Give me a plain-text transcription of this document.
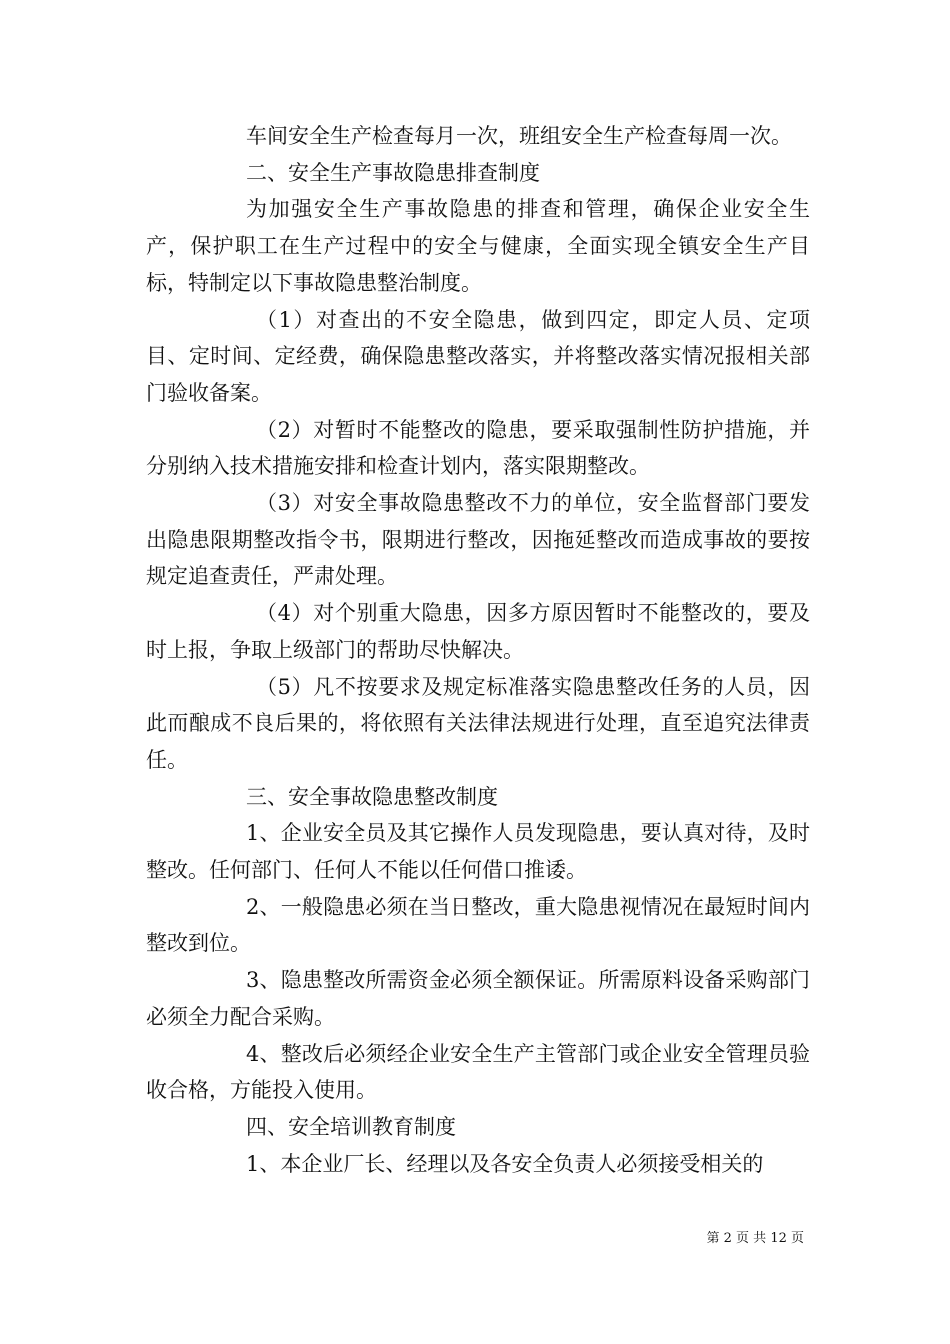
车间安全生产检查每月一次，班组安全生产检查每周一次。

二、安全生产事故隐患排查制度

为加强安全生产事故隐患的排查和管理，确保企业安全生产，保护职工在生产过程中的安全与健康，全面实现全镇安全生产目标，特制定以下事故隐患整治制度。

（1）对查出的不安全隐患，做到四定，即定人员、定项目、定时间、定经费，确保隐患整改落实，并将整改落实情况报相关部门验收备案。

（2）对暂时不能整改的隐患，要采取强制性防护措施，并分别纳入技术措施安排和检查计划内，落实限期整改。

（3）对安全事故隐患整改不力的单位，安全监督部门要发出隐患限期整改指令书，限期进行整改，因拖延整改而造成事故的要按规定追查责任，严肃处理。

（4）对个别重大隐患，因多方原因暂时不能整改的，要及时上报，争取上级部门的帮助尽快解决。

（5）凡不按要求及规定标准落实隐患整改任务的人员，因此而酿成不良后果的，将依照有关法律法规进行处理，直至追究法律责任。

三、安全事故隐患整改制度

1、企业安全员及其它操作人员发现隐患，要认真对待，及时整改。任何部门、任何人不能以任何借口推诿。

2、一般隐患必须在当日整改，重大隐患视情况在最短时间内整改到位。

3、隐患整改所需资金必须全额保证。所需原料设备采购部门必须全力配合采购。

4、整改后必须经企业安全生产主管部门或企业安全管理员验收合格，方能投入使用。

四、安全培训教育制度

1、本企业厂长、经理以及各安全负责人必须接受相关的

第 2 页 共 12 页
